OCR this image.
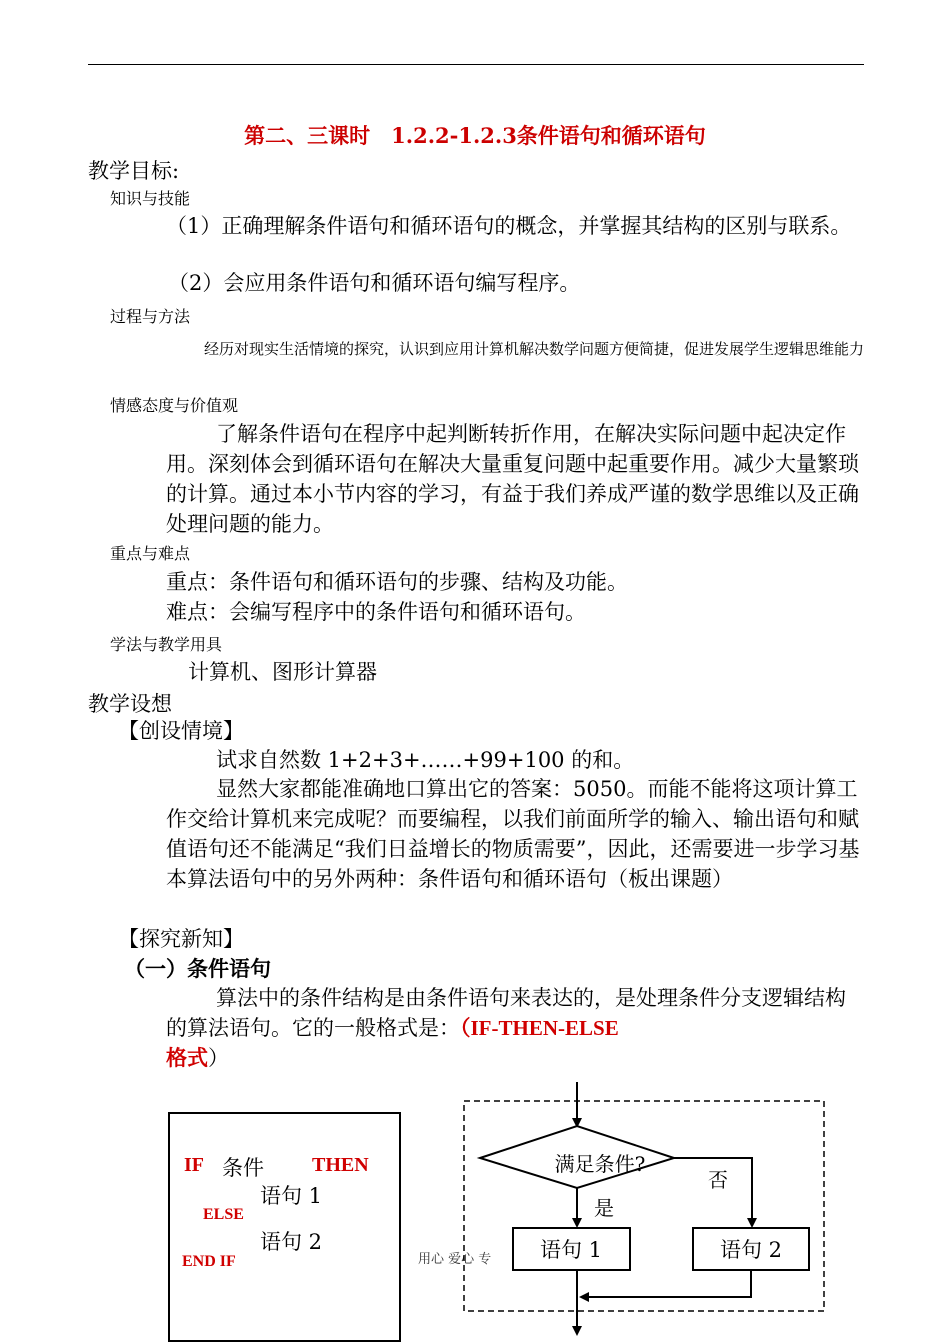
第二、三课时　1.2.2-1.2.3条件语句和循环语句
教学目标:
知识与技能
（1）正确理解条件语句和循环语句的概念，并掌握其结构的区别与联系。
（2）会应用条件语句和循环语句编写程序。
过程与方法
经历对现实生活情境的探究，认识到应用计算机解决数学问题方便简捷，促进发展学生逻辑思维能力
情感态度与价值观
了解条件语句在程序中起判断转折作用，在解决实际问题中起决定作用。深刻体会到循环语句在解决大量重复问题中起重要作用。减少大量繁琐的计算。通过本小节内容的学习，有益于我们养成严谨的数学思维以及正确处理问题的能力。
重点与难点
重点：条件语句和循环语句的步骤、结构及功能。
难点：会编写程序中的条件语句和循环语句。
学法与教学用具
计算机、图形计算器
教学设想
【创设情境】
试求自然数 1+2+3+……+99+100 的和。
显然大家都能准确地口算出它的答案：5050。而能不能将这项计算工作交给计算机来完成呢？而要编程，以我们前面所学的输入、输出语句和赋值语句还不能满足“我们日益增长的物质需要”，因此，还需要进一步学习基本算法语句中的另外两种：条件语句和循环语句（板出课题）
【探究新知】
（一）条件语句
算法中的条件结构是由条件语句来表达的，是处理条件分支逻辑结构的算法语句。它的一般格式是：（IF-THEN-ELSE
格式）
IF 条件 THEN
语句 1
ELSE
语句 2
END IF	用心 爱心 专
满足条件?
否
是
语句 1	语句 2
